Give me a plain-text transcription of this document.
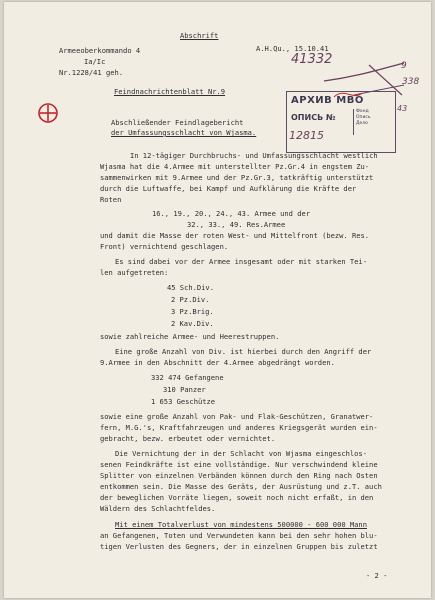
Abschrift
Armeeoberkommando 4
Ia/Ic
Nr.1228/41 geh.
A.H.Qu., 15.10.41
Feindnachrichtenblatt Nr.9
Abschließender Feindlagebericht
der Umfassungsschlacht von Wjasma.
41332	9
338
43
АРХИВ МВО
ОПИСЬ №
Фонд
Опись
Дело
12815
In 12-tägiger Durchbruchs- und Umfassungsschlacht westlich
Wjasma hat die 4.Armee mit unterstellter Pz.Gr.4 in engstem Zu-
sammenwirken mit 9.Armee und der Pz.Gr.3, tatkräftig unterstützt
durch die Luftwaffe, bei Kampf und Aufklärung die Kräfte der
Roten
16., 19., 20., 24., 43. Armee und der
32., 33., 49. Res.Armee
und damit die Masse der roten West- und Mittelfront (bezw. Res.
Front) vernichtend geschlagen.
Es sind dabei vor der Armee insgesamt oder mit starken Tei-
len aufgetreten:
45 Sch.Div.
2 Pz.Div.
3 Pz.Brig.
2 Kav.Div.
sowie zahlreiche Armee- und Heerestruppen.
Eine große Anzahl von Div. ist hierbei durch den Angriff der
9.Armee in den Abschnitt der 4.Armee abgedrängt worden.
332 474 Gefangene
310 Panzer
1 653 Geschütze
sowie eine große Anzahl von Pak- und Flak-Geschützen, Granatwer-
fern, M.G.'s, Kraftfahrzeugen und anderes Kriegsgerät wurden ein-
gebracht, bezw. erbeutet oder vernichtet.
Die Vernichtung der in der Schlacht von Wjasma eingeschlos-
senen Feindkräfte ist eine vollständige. Nur verschwindend kleine
Splitter von einzelnen Verbänden können durch den Ring nach Osten
entkommen sein. Die Masse des Geräts, der Ausrüstung und z.T. auch
der beweglichen Vorräte liegen, soweit noch nicht erfaßt, in den
Wäldern des Schlachtfeldes.
Mit einem Totalverlust von mindestens 500000 - 600 000 Mann
an Gefangenen, Toten und Verwundeten kann bei den sehr hohen blu-
tigen Verlusten des Gegners, der in einzelnen Gruppen bis zuletzt
- 2 -
